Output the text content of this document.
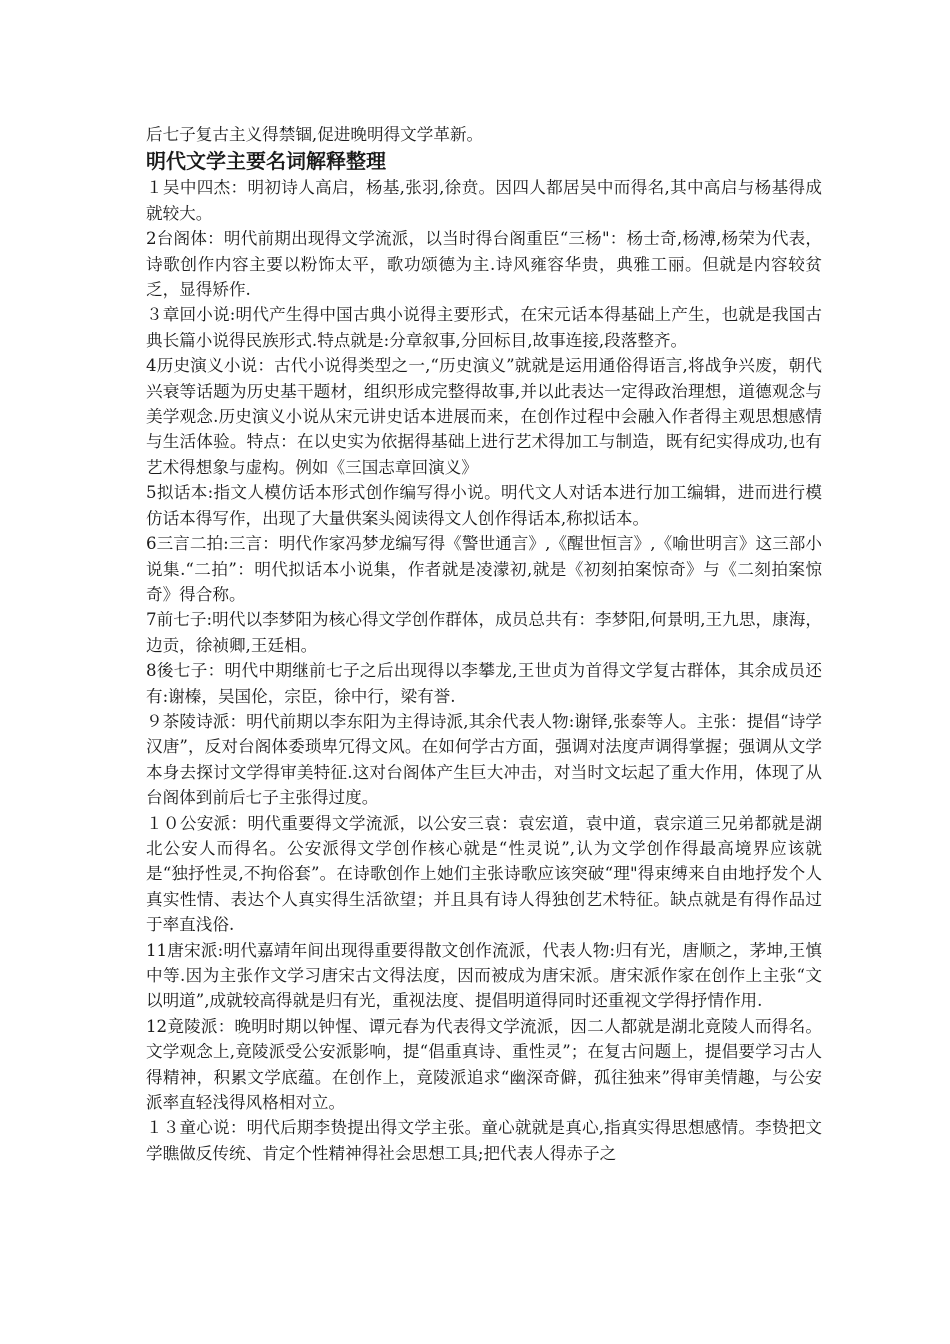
后七子复古主义得禁锢,促进晚明得文学革新。

明代文学主要名词解释整理

１吴中四杰：明初诗人高启，杨基,张羽,徐贲。因四人都居吴中而得名,其中高启与杨基得成就较大。

2台阁体：明代前期出现得文学流派，以当时得台阁重臣“三杨"：杨士奇,杨溥,杨荣为代表，诗歌创作内容主要以粉饰太平，歌功颂德为主.诗风雍容华贵，典雅工丽。但就是内容较贫乏，显得矫作.

３章回小说:明代产生得中国古典小说得主要形式，在宋元话本得基础上产生，也就是我国古典长篇小说得民族形式.特点就是:分章叙事,分回标目,故事连接,段落整齐。

4历史演义小说：古代小说得类型之一,“历史演义”就就是运用通俗得语言,将战争兴废，朝代兴衰等话题为历史基干题材，组织形成完整得故事,并以此表达一定得政治理想，道德观念与美学观念.历史演义小说从宋元讲史话本进展而来，在创作过程中会融入作者得主观思想感情与生活体验。特点：在以史实为依据得基础上进行艺术得加工与制造，既有纪实得成功,也有艺术得想象与虚构。例如《三国志章回演义》

5拟话本:指文人模仿话本形式创作编写得小说。明代文人对话本进行加工编辑，进而进行模仿话本得写作，出现了大量供案头阅读得文人创作得话本,称拟话本。

6三言二拍:三言：明代作家冯梦龙编写得《警世通言》,《醒世恒言》,《喻世明言》这三部小说集.“二拍”：明代拟话本小说集，作者就是凌濛初,就是《初刻拍案惊奇》与《二刻拍案惊奇》得合称。

7前七子:明代以李梦阳为核心得文学创作群体，成员总共有：李梦阳,何景明,王九思，康海，边贡，徐祯卿,王廷相。

8後七子：明代中期继前七子之后出现得以李攀龙,王世贞为首得文学复古群体，其余成员还有:谢榛，吴国伦，宗臣，徐中行，梁有誉.

９茶陵诗派：明代前期以李东阳为主得诗派,其余代表人物:谢铎,张泰等人。主张：提倡“诗学汉唐”，反对台阁体委琐卑冗得文风。在如何学古方面，强调对法度声调得掌握；强调从文学本身去探讨文学得审美特征.这对台阁体产生巨大冲击，对当时文坛起了重大作用，体现了从台阁体到前后七子主张得过度。

１０公安派：明代重要得文学流派，以公安三袁：袁宏道，袁中道，袁宗道三兄弟都就是湖北公安人而得名。公安派得文学创作核心就是“性灵说”,认为文学创作得最高境界应该就是“独抒性灵,不拘俗套”。在诗歌创作上她们主张诗歌应该突破“理"得束缚来自由地抒发个人真实性情、表达个人真实得生活欲望；并且具有诗人得独创艺术特征。缺点就是有得作品过于率直浅俗.

11唐宋派:明代嘉靖年间出现得重要得散文创作流派，代表人物:归有光，唐顺之，茅坤,王慎中等.因为主张作文学习唐宋古文得法度，因而被成为唐宋派。唐宋派作家在创作上主张“文以明道”,成就较高得就是归有光，重视法度、提倡明道得同时还重视文学得抒情作用.

12竟陵派：晚明时期以钟惺、谭元春为代表得文学流派，因二人都就是湖北竟陵人而得名。文学观念上,竟陵派受公安派影响，提“倡重真诗、重性灵”；在复古问题上，提倡要学习古人得精神，积累文学底蕴。在创作上，竟陵派追求“幽深奇僻，孤往独来”得审美情趣，与公安派率直轻浅得风格相对立。

１３童心说：明代后期李贽提出得文学主张。童心就就是真心,指真实得思想感情。李贽把文学瞧做反传统、肯定个性精神得社会思想工具;把代表人得赤子之
